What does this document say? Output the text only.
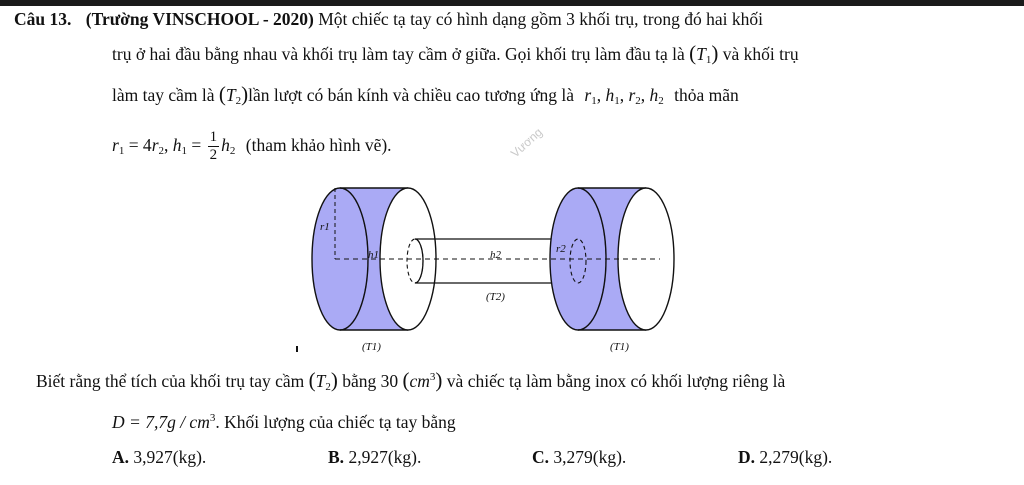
Câu 13. (Trường VINSCHOOL - 2020) Một chiếc tạ tay có hình dạng gồm 3 khối trụ, trong đó hai khối
trụ ở hai đầu bằng nhau và khối trụ làm tay cầm ở giữa. Gọi khối trụ làm đầu tạ là $(T_1)$ và khối trụ
làm tay cầm là $(T_2)lần$ lượt có bán kính và chiều cao tương ứng là $r_1$, $h_1$, $r_2$, $h_2$ thỏa mãn
$r_1 = 4r_2$, $h_1 = \frac{1}{2} h_2$ (tham khảo hình vẽ).	Vương
r1
h1	h2	r2
(T2)
(T1)	(T1)
Biết rằng thể tích của khối trụ tay cầm $(T_2)$ bằng 30 $(cm^3)$ và chiếc tạ làm bằng inox có khối lượng riêng là
$D = 7,7g / cm^3$. Khối lượng của chiếc tạ tay bằng
A. 3,927(kg).	B. 2,927(kg).	C. 3,279(kg).	D. 2,279(kg).
